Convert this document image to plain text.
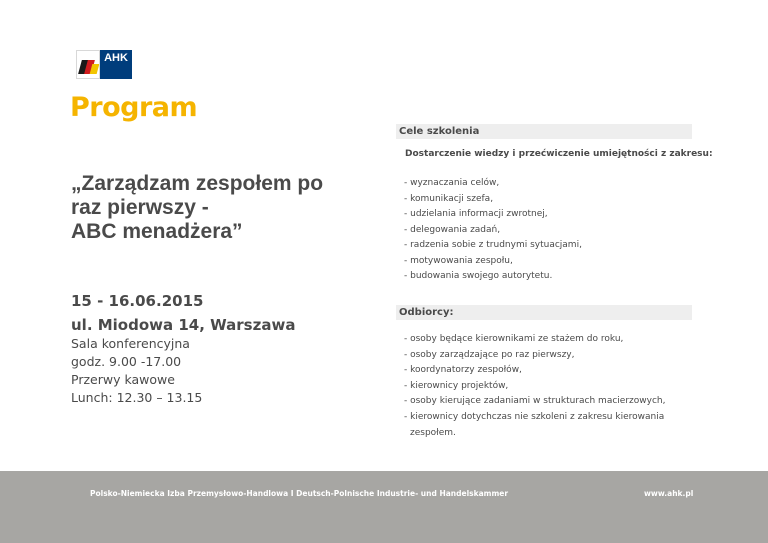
AHK
Program
„Zarządzam zespołem po
raz pierwszy -
ABC menadżera”
15 - 16.06.2015
ul. Miodowa 14, Warszawa
Sala konferencyjna
godz. 9.00 -17.00
Przerwy kawowe
Lunch: 12.30 – 13.15
Cele szkolenia
Dostarczenie wiedzy i przećwiczenie umiejętności z zakresu:
- wyznaczania celów,
- komunikacji szefa,
- udzielania informacji zwrotnej,
- delegowania zadań,
- radzenia sobie z trudnymi sytuacjami,
- motywowania zespołu,
- budowania swojego autorytetu.
Odbiorcy:
- osoby będące kierownikami ze stażem do roku,
- osoby zarządzające po raz pierwszy,
- koordynatorzy zespołów,
- kierownicy projektów,
- osoby kierujące zadaniami w strukturach macierzowych,
- kierownicy dotychczas nie szkoleni z zakresu kierowania
zespołem.
Polsko-Niemiecka Izba Przemysłowo-Handlowa I Deutsch-Polnische Industrie- und Handelskammer	www.ahk.pl
